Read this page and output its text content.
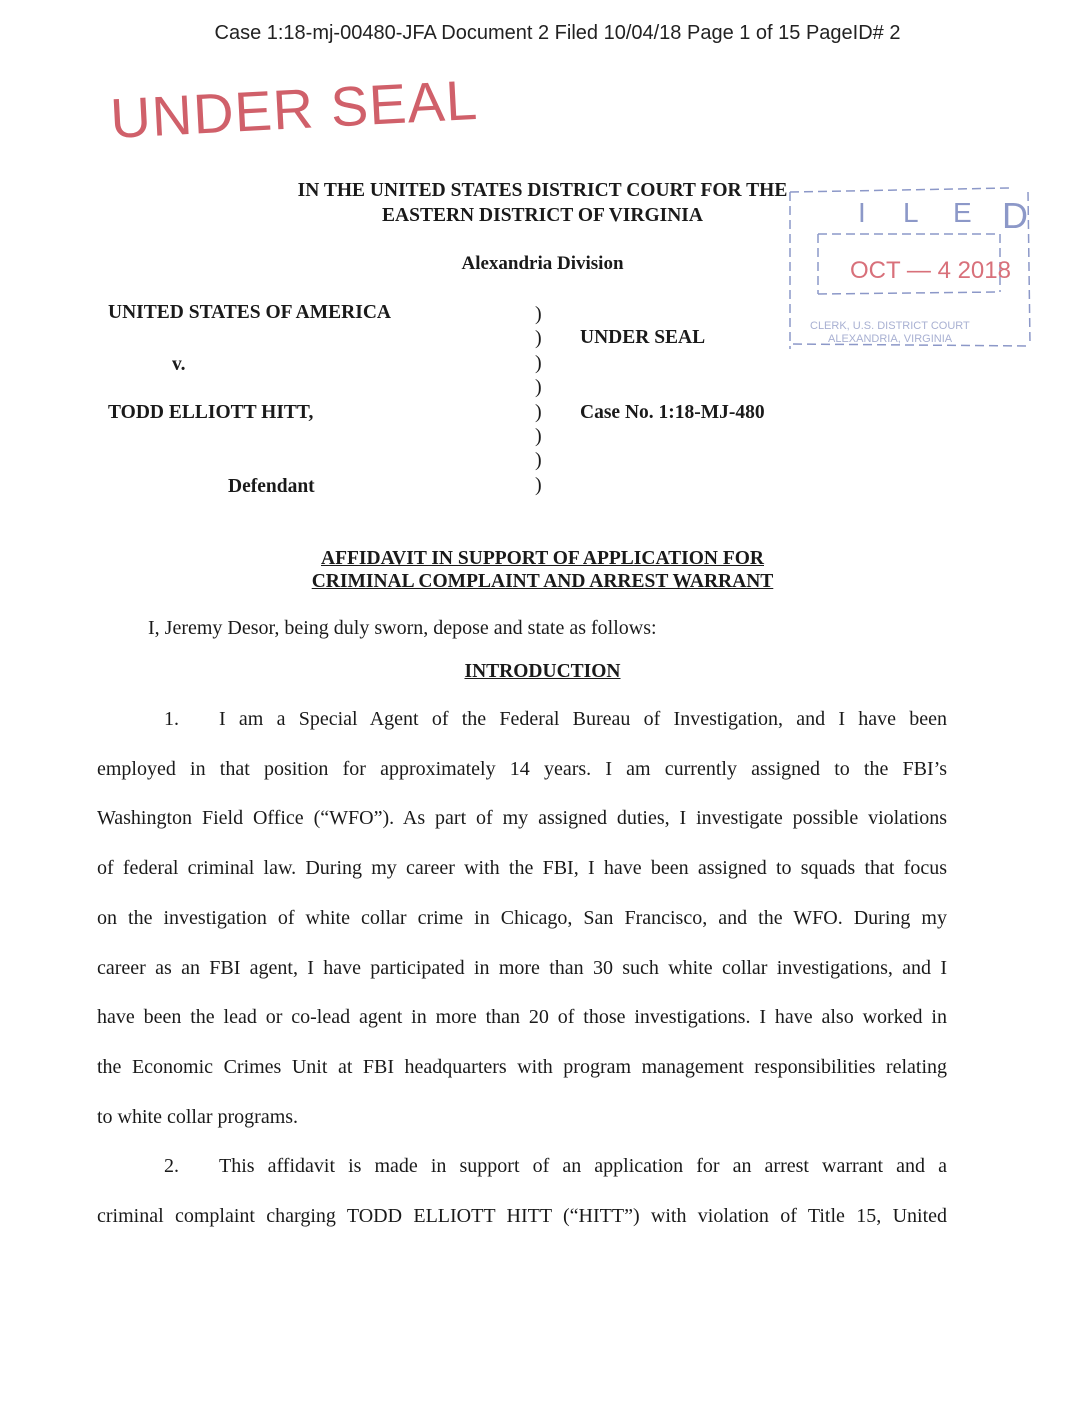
Case 1:18-mj-00480-JFA Document 2 Filed 10/04/18 Page 1 of 15 PageID# 2
UNDER SEAL
I L E D
OCT — 4 2018
CLERK, U.S. DISTRICT COURT
ALEXANDRIA, VIRGINIA
IN THE UNITED STATES DISTRICT COURT FOR THE
EASTERN DISTRICT OF VIRGINIA
Alexandria Division
UNITED STATES OF AMERICA
v.
TODD ELLIOTT HITT,
Defendant
UNDER SEAL
Case No. 1:18-MJ-480
)
)
)
)
)
)
)
)
AFFIDAVIT IN SUPPORT OF APPLICATION FOR
CRIMINAL COMPLAINT AND ARREST WARRANT
I, Jeremy Desor, being duly sworn, depose and state as follows:
INTRODUCTION
1. I am a Special Agent of the Federal Bureau of Investigation, and I have been
employed in that position for approximately 14 years. I am currently assigned to the FBI’s
Washington Field Office (“WFO”). As part of my assigned duties, I investigate possible violations
of federal criminal law. During my career with the FBI, I have been assigned to squads that focus
on the investigation of white collar crime in Chicago, San Francisco, and the WFO. During my
career as an FBI agent, I have participated in more than 30 such white collar investigations, and I
have been the lead or co-lead agent in more than 20 of those investigations. I have also worked in
the Economic Crimes Unit at FBI headquarters with program management responsibilities relating
to white collar programs.
2. This affidavit is made in support of an application for an arrest warrant and a
criminal complaint charging TODD ELLIOTT HITT (“HITT”) with violation of Title 15, United
